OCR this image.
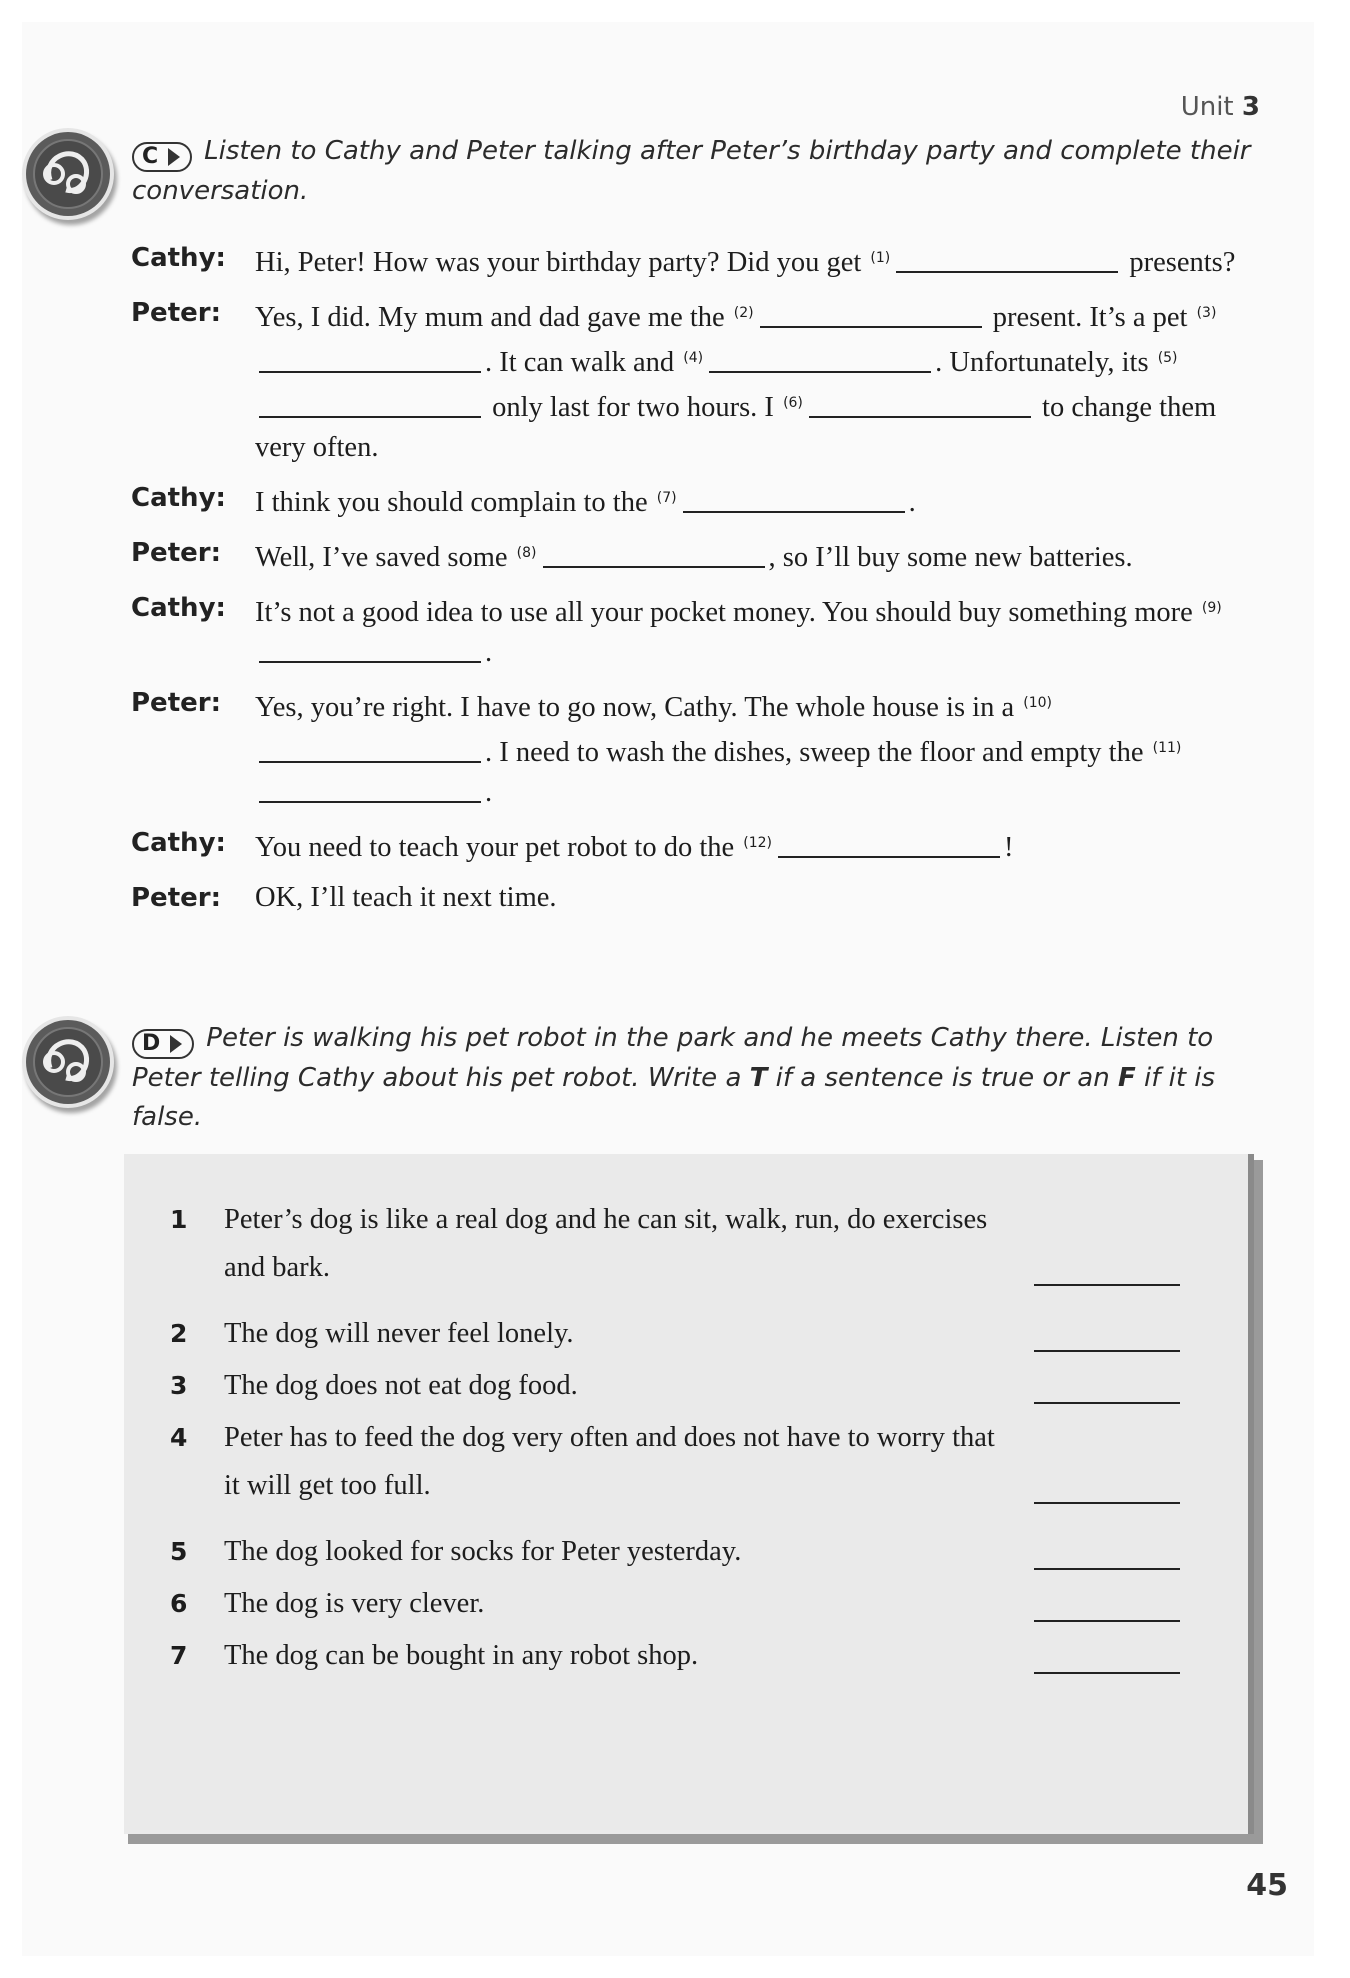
Unit 3
C Listen to Cathy and Peter talking after Peter’s birthday party and complete their conversation.
Cathy:	Hi, Peter! How was your birthday party? Did you get $^{(1)}$	presents?
Peter:	Yes, I did. My mum and dad gave me the $^{(2)}$	present. It’s a pet $^{(3)}$. It can walk and $^{(4)}$	. Unfortunately, its $^{(5)}$ only last for two hours. I $^{(6)}$	to change them very often.
Cathy:	I think you should complain to the $^{(7)}$	.
Peter:	Well, I’ve saved some $^{(8)}$	, so I’ll buy some new batteries.
Cathy:	It’s not a good idea to use all your pocket money. You should buy something more $^{(9)}$.
Peter:	Yes, you’re right. I have to go now, Cathy. The whole house is in a $^{(10)}$. I need to wash the dishes, sweep the floor and empty the $^{(11)}$.
Cathy:	You need to teach your pet robot to do the $^{(12)}$	!
Peter:	OK, I’ll teach it next time.
D Peter is walking his pet robot in the park and he meets Cathy there. Listen to Peter telling Cathy about his pet robot. Write a T if a sentence is true or an F if it is false.
1	Peter’s dog is like a real dog and he can sit, walk, run, do exercises and bark.
2	The dog will never feel lonely.
3	The dog does not eat dog food.
4	Peter has to feed the dog very often and does not have to worry that it will get too full.
5	The dog looked for socks for Peter yesterday.
6	The dog is very clever.
7	The dog can be bought in any robot shop.
45
